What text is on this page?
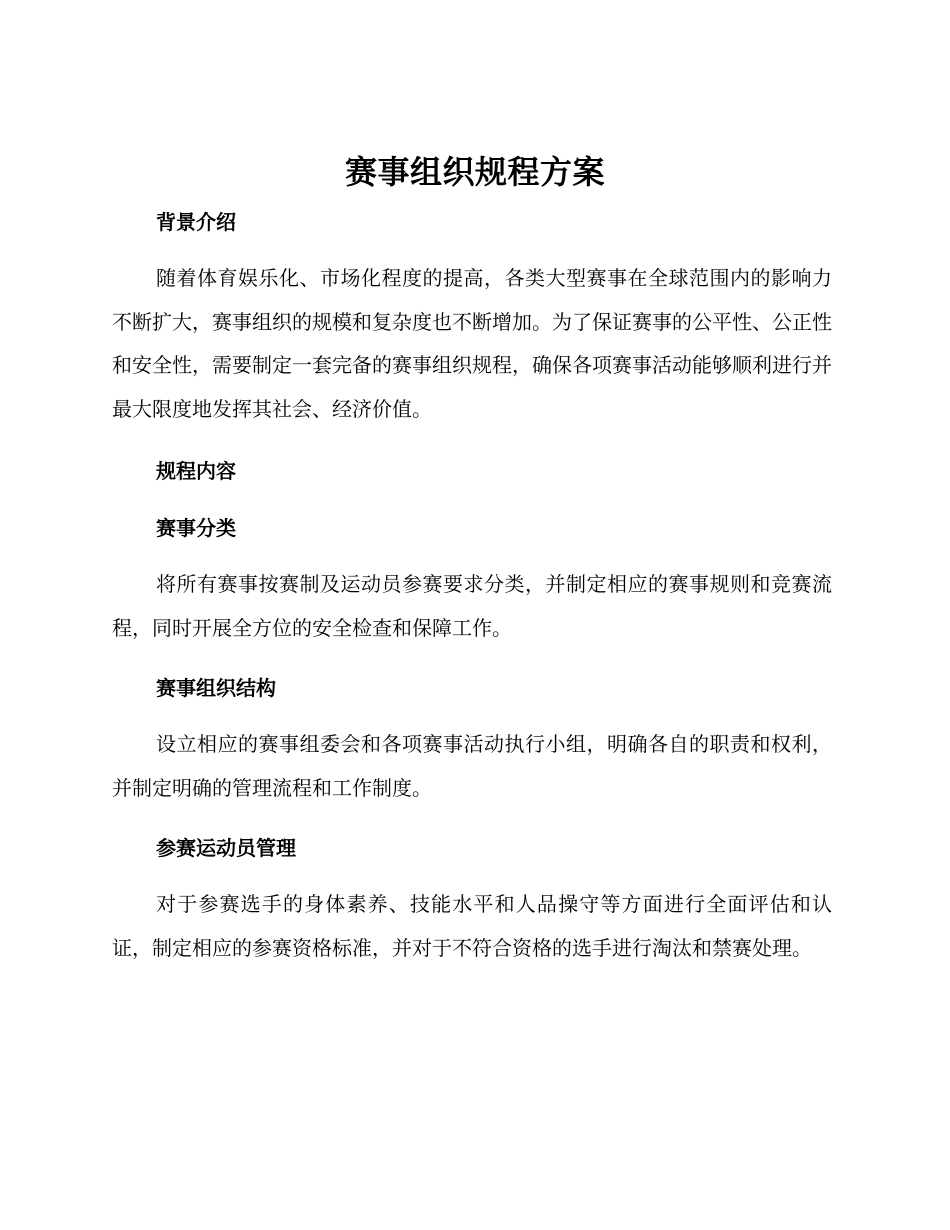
赛事组织规程方案
背景介绍

随着体育娱乐化、市场化程度的提高，各类大型赛事在全球范围内的影响力不断扩大，赛事组织的规模和复杂度也不断增加。为了保证赛事的公平性、公正性和安全性，需要制定一套完备的赛事组织规程，确保各项赛事活动能够顺利进行并最大限度地发挥其社会、经济价值。

规程内容
赛事分类

将所有赛事按赛制及运动员参赛要求分类，并制定相应的赛事规则和竞赛流程，同时开展全方位的安全检查和保障工作。

赛事组织结构

设立相应的赛事组委会和各项赛事活动执行小组，明确各自的职责和权利，并制定明确的管理流程和工作制度。

参赛运动员管理

对于参赛选手的身体素养、技能水平和人品操守等方面进行全面评估和认证，制定相应的参赛资格标准，并对于不符合资格的选手进行淘汰和禁赛处理。
